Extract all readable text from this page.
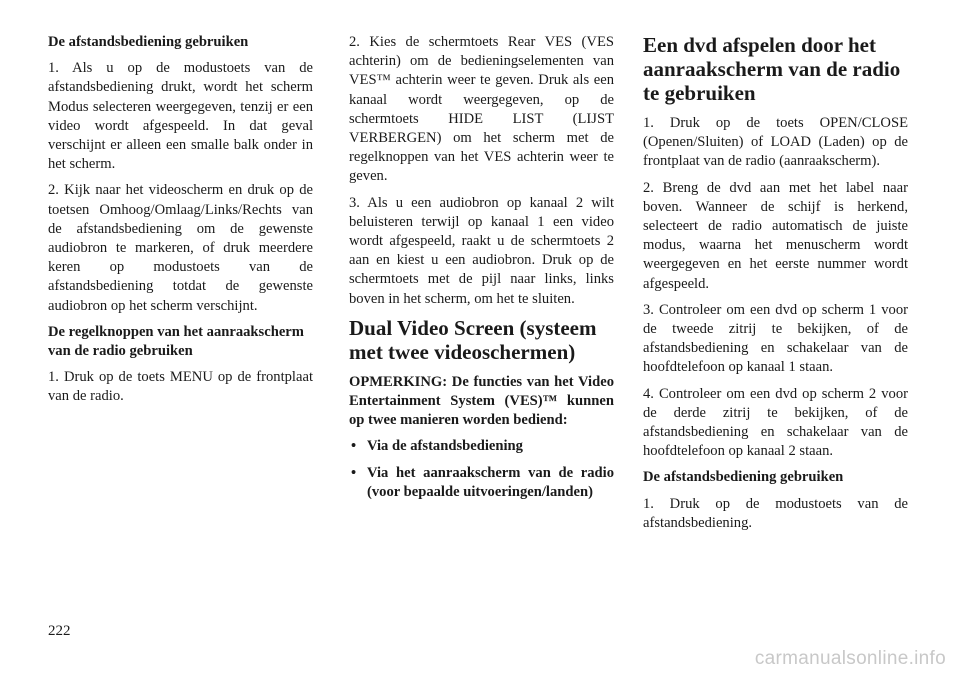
De afstandsbediening gebruiken

1. Als u op de modustoets van de afstandsbediening drukt, wordt het scherm Modus selecteren weergegeven, tenzij er een video wordt afgespeeld. In dat geval verschijnt er alleen een smalle balk onder in het scherm.

2. Kijk naar het videoscherm en druk op de toetsen Omhoog/Omlaag/Links/Rechts van de afstandsbediening om de gewenste audiobron te markeren, of druk meerdere keren op modustoets van de afstandsbediening totdat de gewenste audiobron op het scherm verschijnt.

De regelknoppen van het aanraakscherm van de radio gebruiken

1. Druk op de toets MENU op de frontplaat van de radio.

2. Kies de schermtoets Rear VES (VES achterin) om de bedieningselementen van VES™ achterin weer te geven. Druk als een kanaal wordt weergegeven, op de schermtoets HIDE LIST (LIJST VERBERGEN) om het scherm met de regelknoppen van het VES achterin weer te geven.

3. Als u een audiobron op kanaal 2 wilt beluisteren terwijl op kanaal 1 een video wordt afgespeeld, raakt u de schermtoets 2 aan en kiest u een audiobron. Druk op de schermtoets met de pijl naar links, links boven in het scherm, om het te sluiten.

Dual Video Screen (systeem met twee videoschermen)

OPMERKING: De functies van het Video Entertainment System (VES)™ kunnen op twee manieren worden bediend:

• Via de afstandsbediening
• Via het aanraakscherm van de radio (voor bepaalde uitvoeringen/landen)
Een dvd afspelen door het aanraakscherm van de radio te gebruiken

1. Druk op de toets OPEN/CLOSE (Openen/Sluiten) of LOAD (Laden) op de frontplaat van de radio (aanraakscherm).

2. Breng de dvd aan met het label naar boven. Wanneer de schijf is herkend, selecteert de radio automatisch de juiste modus, waarna het menuscherm wordt weergegeven en het eerste nummer wordt afgespeeld.

3. Controleer om een dvd op scherm 1 voor de tweede zitrij te bekijken, of de afstandsbediening en schakelaar van de hoofdtelefoon op kanaal 1 staan.

4. Controleer om een dvd op scherm 2 voor de derde zitrij te bekijken, of de afstandsbediening en schakelaar van de hoofdtelefoon op kanaal 2 staan.

De afstandsbediening gebruiken

1. Druk op de modustoets van de afstandsbediening.

222
carmanualsonline.info
